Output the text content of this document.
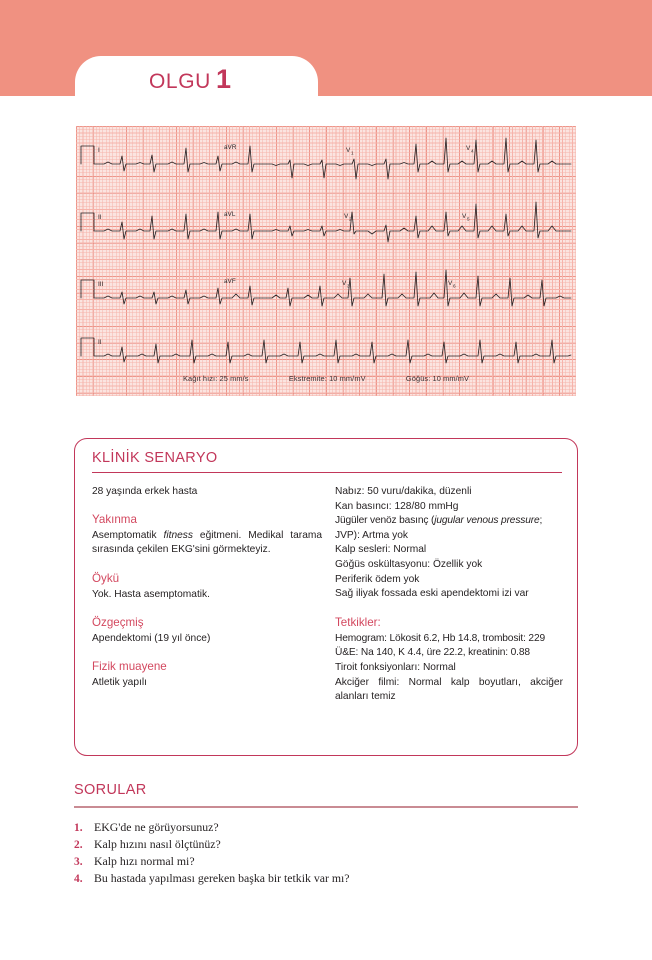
OLGU 1
I	aVR	V 1
V 4
II	aVL	V 2	V 5
III	aVF	V 3	V 6
II
Kağıt hızı: 25 mm/s	Ekstremite: 10 mm/mV	Göğüs: 10 mm/mV
KLİNİK SENARYO
28 yaşında erkek hasta
Yakınma
Asemptomatik fitness eğitmeni. Medikal tarama sırasında çekilen EKG'sini görmekteyiz.
Öykü
Yok. Hasta asemptomatik.
Özgeçmiş
Apendektomi (19 yıl önce)
Fizik muayene
Atletik yapılı
Nabız: 50 vuru/dakika, düzenli
Kan basıncı: 128/80 mmHg
Jügüler venöz basınç (jugular venous pressure;
JVP): Artma yok
Kalp sesleri: Normal
Göğüs oskültasyonu: Özellik yok
Periferik ödem yok
Sağ iliyak fossada eski apendektomi izi var
Tetkikler:
Hemogram: Lökosit 6.2, Hb 14.8, trombosit: 229
Ü&E: Na 140, K 4.4, üre 22.2, kreatinin: 0.88
Tiroit fonksiyonları: Normal
Akciğer filmi: Normal kalp boyutları, akciğer alanları temiz
SORULAR
1. EKG'de ne görüyorsunuz?
2. Kalp hızını nasıl ölçtünüz?
3. Kalp hızı normal mi?
4. Bu hastada yapılması gereken başka bir tetkik var mı?
